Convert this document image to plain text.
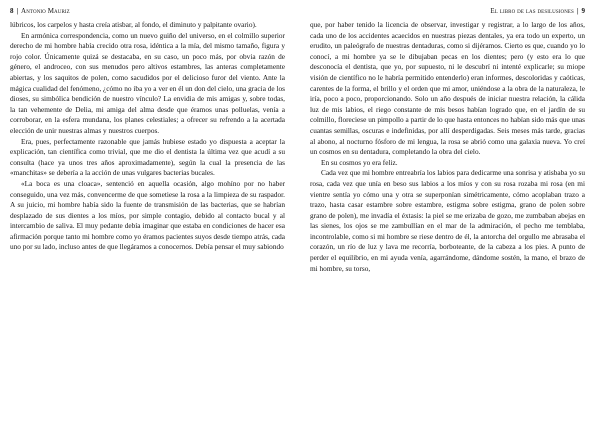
8 | Antonio Mauriz

lúbricos, los carpelos y hasta creía atisbar, al fondo, el diminuto y palpitante ovario).

En armónica correspondencia, como un nuevo guiño del universo, en el colmillo superior derecho de mi hombre había crecido otra rosa, idéntica a la mía, del mismo tamaño, figura y rojo color. Únicamente quizá se destacaba, en su caso, un poco más, por obvia razón de género, el androceo, con sus menudos pero altivos estambres, las anteras completamente abiertas, y los saquitos de polen, como sacudidos por el delicioso furor del viento. Ante la mágica cualidad del fenómeno, ¿cómo no iba yo a ver en él un don del cielo, una gracia de los dioses, su simbólica bendición de nuestro vínculo? La envidia de mis amigas y, sobre todas, la tan vehemente de Delia, mi amiga del alma desde que éramos unas polluelas, venía a corroborar, en la esfera mundana, los planes celestiales; a ofrecer su refrendo a la acertada elección de unir nuestras almas y nuestros cuerpos.

Era, pues, perfectamente razonable que jamás hubiese estado yo dispuesta a aceptar la explicación, tan científica como trivial, que me dio el dentista la última vez que acudí a su consulta (hace ya unos tres años aproximadamente), según la cual la presencia de las «manchitas» se debería a la acción de unas vulgares bacterias bucales.

«La boca es una cloaca», sentenció en aquella ocasión, algo mohíno por no haber conseguido, una vez más, convencerme de que sometiese la rosa a la limpieza de su raspador. A su juicio, mi hombre había sido la fuente de transmisión de las bacterias, que se habrían desplazado de sus dientes a los míos, por simple contagio, debido al contacto bucal y al intercambio de saliva. El muy pedante debía imaginar que estaba en condiciones de hacer esa afirmación porque tanto mi hombre como yo éramos pacientes suyos desde tiempo atrás, cada uno por su lado, incluso antes de que llegáramos a conocernos. Debía pensar el muy sabiondo

El libro de las desilusiones | 9

que, por haber tenido la licencia de observar, investigar y registrar, a lo largo de los años, cada uno de los accidentes acaecidos en nuestras piezas dentales, ya era todo un experto, un erudito, un paleógrafo de nuestras dentaduras, como si dijéramos. Cierto es que, cuando yo lo conocí, a mi hombre ya se le dibujaban pecas en los dientes; pero (y esto era lo que desconocía el dentista, que yo, por supuesto, ni le descubrí ni intenté explicarle; su miope visión de científico no le habría permitido entenderlo) eran informes, descoloridas y caóticas, carentes de la forma, el brillo y el orden que mi amor, uniéndose a la obra de la naturaleza, le iría, poco a poco, proporcionando. Solo un año después de iniciar nuestra relación, la cálida luz de mis labios, el riego constante de mis besos habían logrado que, en el jardín de su colmillo, floreciese un pimpollo a partir de lo que hasta entonces no habían sido más que unas cuantas semillas, oscuras e indefinidas, por allí desperdigadas. Seis meses más tarde, gracias al abono, al nocturno fósforo de mi lengua, la rosa se abrió como una galaxia nueva. Yo creí un cosmos en su dentadura, completando la obra del cielo.

En su cosmos yo era feliz.

Cada vez que mi hombre entreabría los labios para dedicarme una sonrisa y atisbaba yo su rosa, cada vez que unía en beso sus labios a los míos y con su rosa rozaba mi rosa (en mi vientre sentía yo cómo una y otra se superponían simétricamente, cómo acoplaban trazo a trazo, hasta casar estambre sobre estambre, estigma sobre estigma, grano de polen sobre grano de polen), me invadía el éxtasis: la piel se me erizaba de gozo, me zumbaban abejas en las sienes, los ojos se me zambullían en el mar de la admiración, el pecho me temblaba, incontrolable, como si mi hombre se riese dentro de él, la antorcha del orgullo me abrasaba el corazón, un río de luz y lava me recorría, borboteante, de la cabeza a los pies. A punto de perder el equilibrio, en mi ayuda venía, agarrándome, dándome sostén, la mano, el brazo de mi hombre, su torso,
